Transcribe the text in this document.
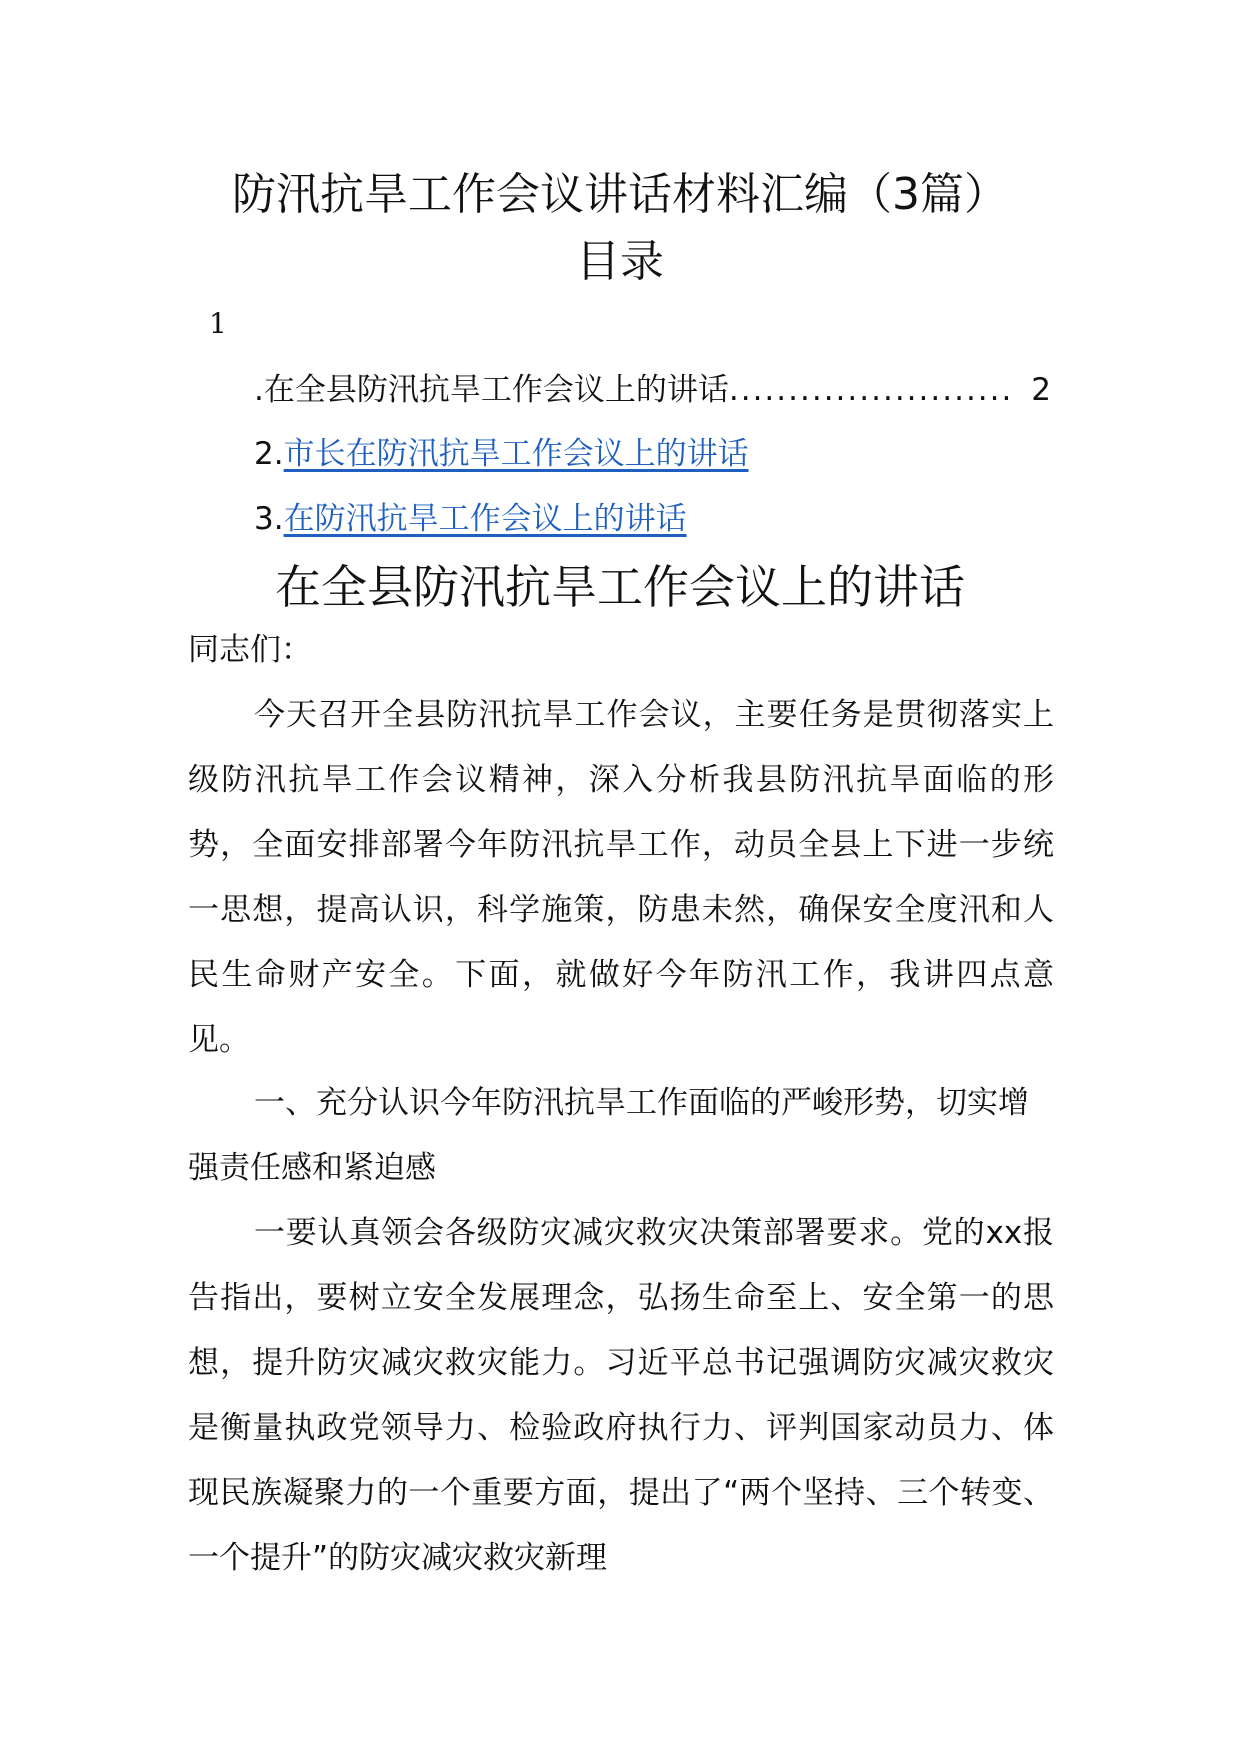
防汛抗旱工作会议讲话材料汇编（3篇）
目录
1
. 在全县防汛抗旱工作会议上的讲话 ........................ 2
2.市长在防汛抗旱工作会议上的讲话
3.在防汛抗旱工作会议上的讲话
在全县防汛抗旱工作会议上的讲话
同志们：
今天召开全县防汛抗旱工作会议，主要任务是贯彻落实上级防汛抗旱工作会议精神，深入分析我县防汛抗旱面临的形势，全面安排部署今年防汛抗旱工作，动员全县上下进一步统一思想，提高认识，科学施策，防患未然，确保安全度汛和人民生命财产安全。下面，就做好今年防汛工作，我讲四点意见。
一、充分认识今年防汛抗旱工作面临的严峻形势，切实增强责任感和紧迫感
一要认真领会各级防灾减灾救灾决策部署要求。党的xx报告指出，要树立安全发展理念，弘扬生命至上、安全第一的思想，提升防灾减灾救灾能力。习近平总书记强调防灾减灾救灾是衡量执政党领导力、检验政府执行力、评判国家动员力、体现民族凝聚力的一个重要方面，提出了“两个坚持、三个转变、一个提升”的防灾减灾救灾新理
